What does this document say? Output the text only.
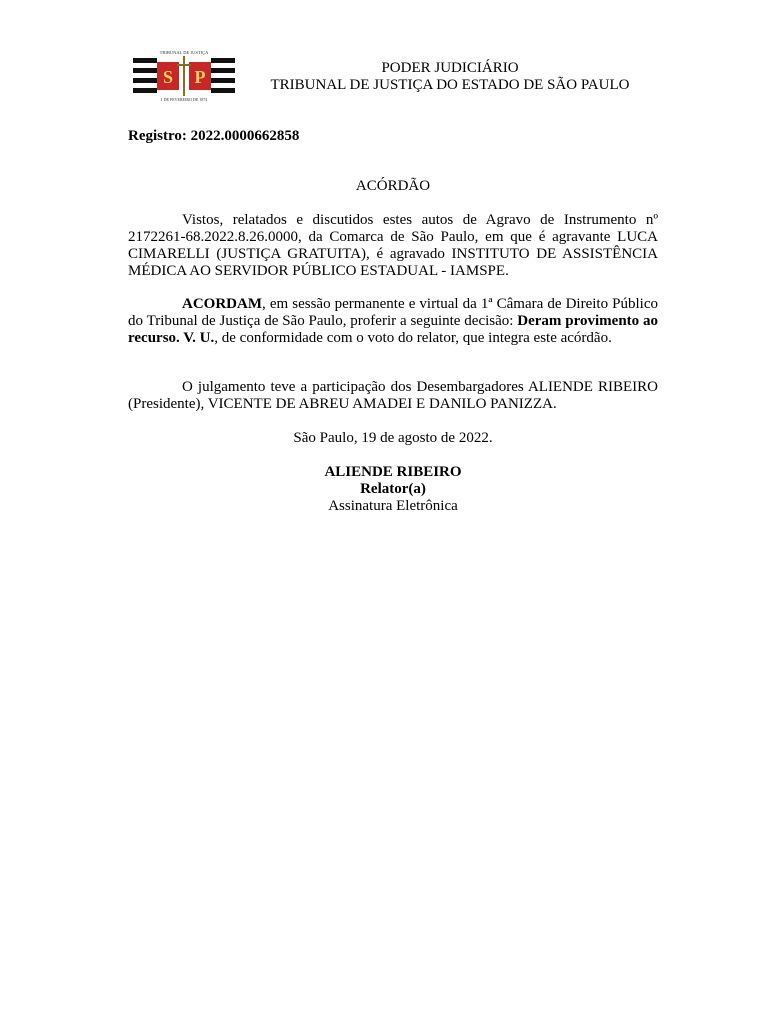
S P
TRIBUNAL DE JUSTIÇA
1 DE FEVEREIRO DE 1874
PODER JUDICIÁRIO
TRIBUNAL DE JUSTIÇA DO ESTADO DE SÃO PAULO
Registro: 2022.0000662858
ACÓRDÃO
Vistos, relatados e discutidos estes autos de Agravo de Instrumento nº 2172261-68.2022.8.26.0000, da Comarca de São Paulo, em que é agravante LUCA CIMARELLI (JUSTIÇA GRATUITA), é agravado INSTITUTO DE ASSISTÊNCIA MÉDICA AO SERVIDOR PÚBLICO ESTADUAL - IAMSPE.
ACORDAM, em sessão permanente e virtual da 1ª Câmara de Direito Público do Tribunal de Justiça de São Paulo, proferir a seguinte decisão: Deram provimento ao recurso. V. U., de conformidade com o voto do relator, que integra este acórdão.
O julgamento teve a participação dos Desembargadores ALIENDE RIBEIRO (Presidente), VICENTE DE ABREU AMADEI E DANILO PANIZZA.
São Paulo, 19 de agosto de 2022.
ALIENDE RIBEIRO
Relator(a)
Assinatura Eletrônica
